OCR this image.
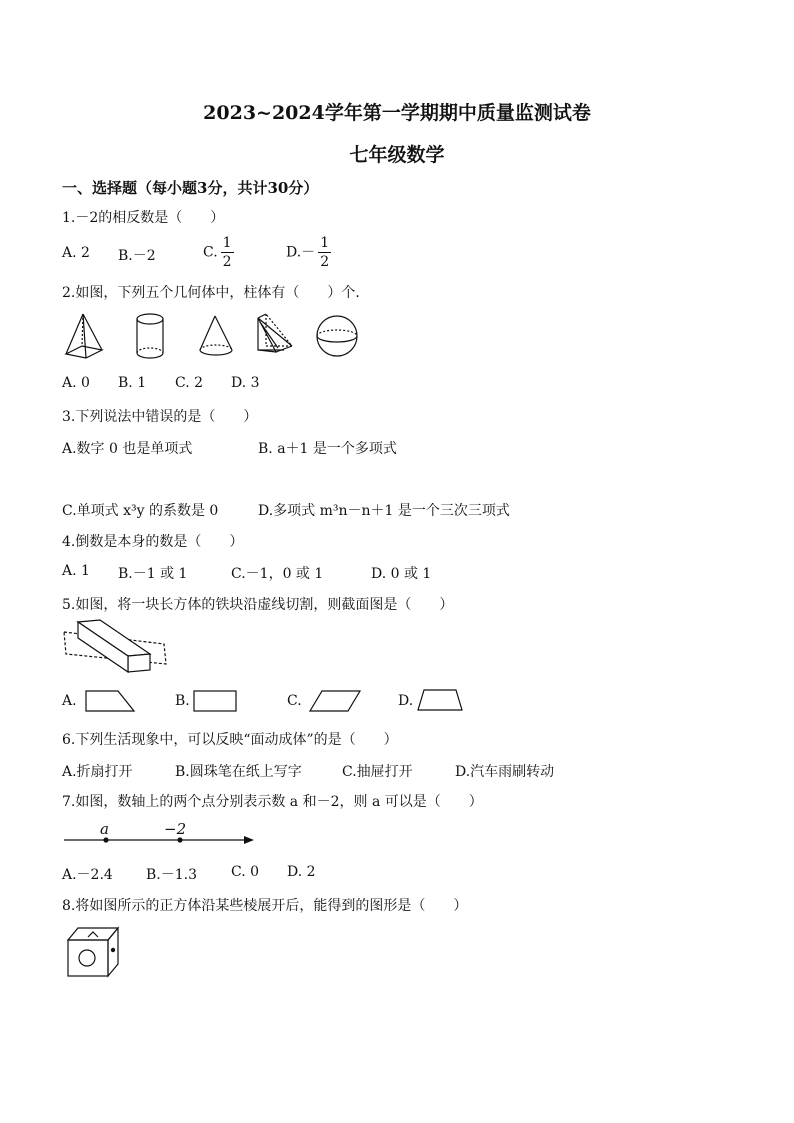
2023~2024学年第一学期期中质量监测试卷
七年级数学
一、选择题（每小题3分，共计30分）
1.－2的相反数是（　　）
A. 2 B.－2	C. $\frac{1}{2}$	$D.- \frac{1}{2}$
2.如图，下列五个几何体中，柱体有（　　）个．
A. 0 B. 1 C. 2 D. 3
3.下列说法中错误的是（　　）
A.数字 0 也是单项式	B. a＋1 是一个多项式
C.单项式 x³y 的系数是 0	D.多项式 m³n－n＋1 是一个三次三项式
4.倒数是本身的数是（　　）
A. 1 B.－1 或 1	C.－1，0 或 1	D. 0 或 1
5.如图，将一块长方体的铁块沿虚线切割，则截面图是（　　）
A.	B.	C.	D.
6.下列生活现象中，可以反映“面动成体”的是（　　）
A.折扇打开	B.圆珠笔在纸上写字	C.抽屉打开	D.汽车雨刷转动
7.如图，数轴上的两个点分别表示数 a 和－2，则 a 可以是（　　）
a	−2
A.－2.4 B.－1.3 C. 0 D. 2
8.将如图所示的正方体沿某些棱展开后，能得到的图形是（　　）
